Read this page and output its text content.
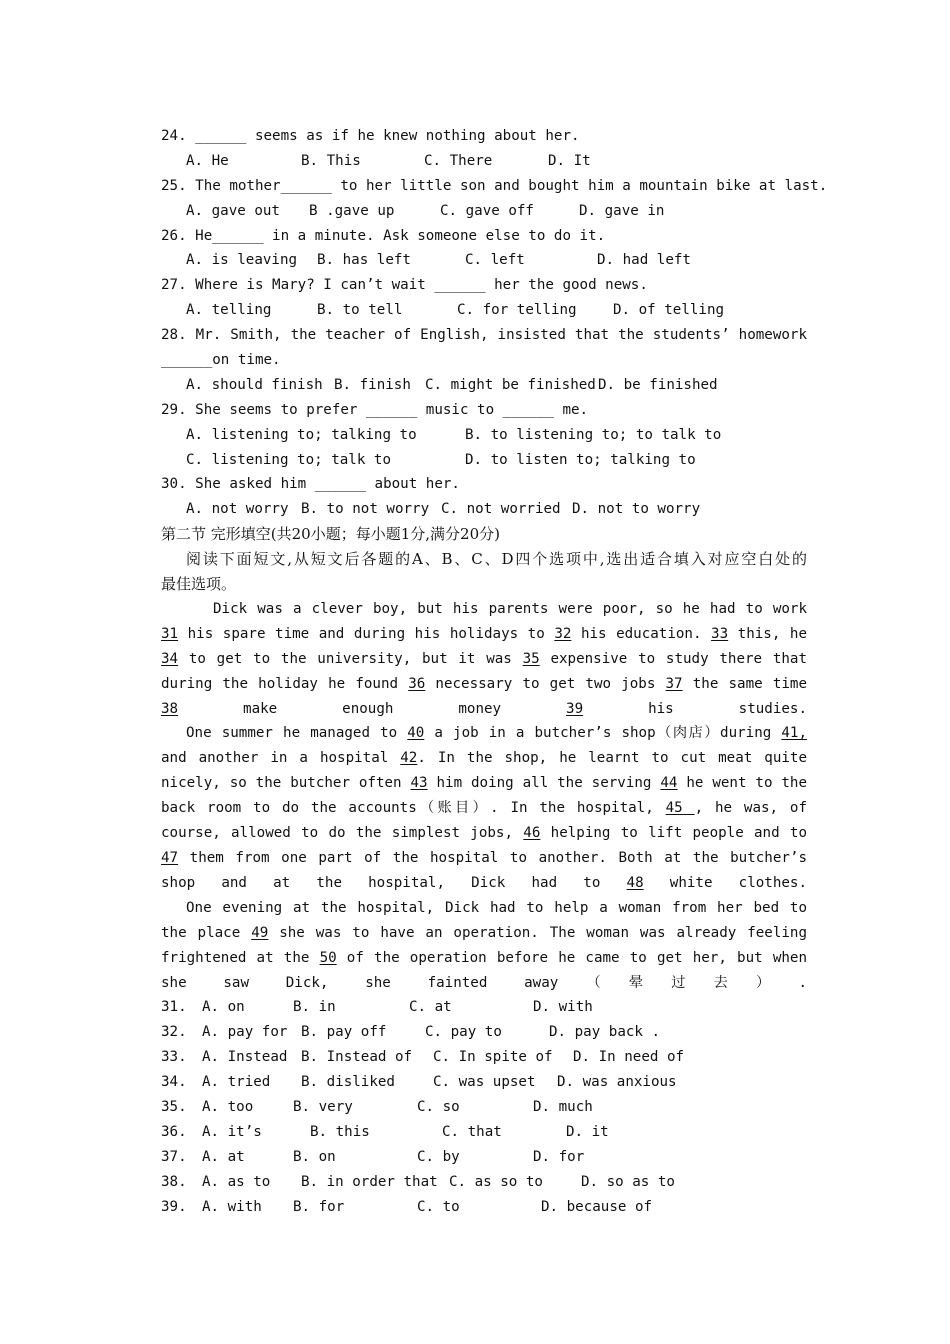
24. ______ seems as if he knew nothing about her.
A. He	B. This	C. There	D. It
25. The mother______ to her little son and bought him a mountain bike at last.
A. gave out B .gave up	C. gave off	D. gave in
26. He______ in a minute. Ask someone else to do it.
A. is leaving B. has left	C. left	D. had left
27. Where is Mary? I can’t wait ______ her the good news.
A. telling	B. to tell	C. for telling	D. of telling
28. Mr. Smith, the teacher of English, insisted that the students’ homework
______on time.
A. should finish B. finish C. might be finished D. be finished
29. She seems to prefer ______ music to ______ me.
A. listening to; talking to	B. to listening to; to talk to
C. listening to; talk to	D. to listen to; talking to
30. She asked him ______ about her.
A. not worry B. to not worry C. not worried D. not to worry
第二节 完形填空(共20小题；每小题1分,满分20分)
阅读下面短文,从短文后各题的A、B、C、D四个选项中,选出适合填入对应空白处的
最佳选项。
Dick was a clever boy, but his parents were poor, so he had to work 31 his spare time and during his holidays to 32 his education. 33 this, he 34 to get to the university, but it was 35 expensive to study there that during the holiday he found 36 necessary to get two jobs 37 the same time 38 make enough money 39 his studies.
One summer he managed to 40 a job in a butcher’s shop（肉店）during 41, and another in a hospital 42. In the shop, he learnt to cut meat quite nicely, so the butcher often 43 him doing all the serving 44 he went to the back room to do the accounts（账目）. In the hospital, 45 , he was, of course, allowed to do the simplest jobs, 46 helping to lift people and to 47 them from one part of the hospital to another. Both at the butcher’s shop and at the hospital, Dick had to 48 white clothes.
One evening at the hospital, Dick had to help a woman from her bed to the place 49 she was to have an operation. The woman was already feeling frightened at the 50 of the operation before he came to get her, but when she saw Dick, she fainted away（晕过去）.
31. A. on	B. in	C. at	D. with
32. A. pay for B. pay off	C. pay to	D. pay back .
33. A. Instead B. Instead of C. In spite of D. In need of
34. A. tried B. disliked	C. was upset D. was anxious
35. A. too	B. very	C. so	D. much
36. A. it’s	B. this	C. that	D. it
37. A. at	B. on	C. by	D. for
38. A. as to B. in order that C. as so to	D. so as to
39. A. with B. for	C. to	D. because of
